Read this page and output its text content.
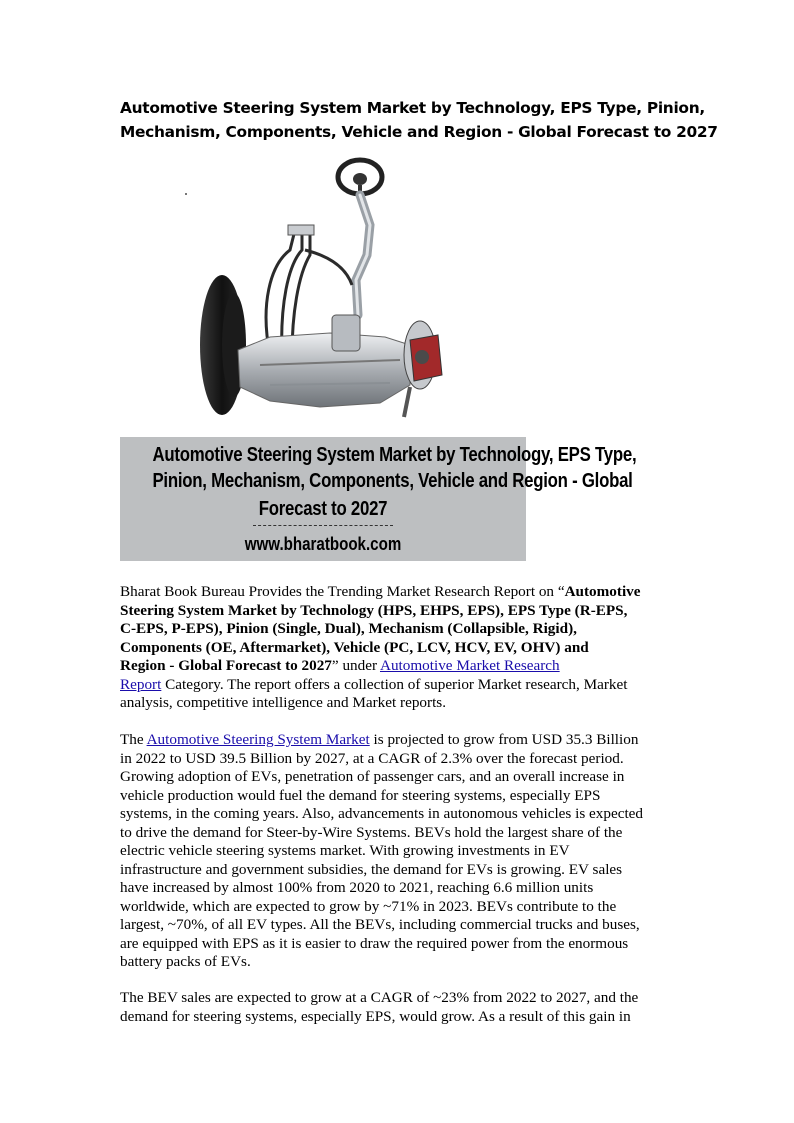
Automotive Steering System Market by Technology, EPS Type, Pinion,
Mechanism, Components, Vehicle and Region - Global Forecast to 2027
Automotive Steering System Market by Technology, EPS Type,
Pinion, Mechanism, Components, Vehicle and Region - Global
Forecast to 2027
www.bharatbook.com
Bharat Book Bureau Provides the Trending Market Research Report on “Automotive
Steering System Market by Technology (HPS, EHPS, EPS), EPS Type (R-EPS,
C-EPS, P-EPS), Pinion (Single, Dual), Mechanism (Collapsible, Rigid),
Components (OE, Aftermarket), Vehicle (PC, LCV, HCV, EV, OHV) and
Region - Global Forecast to 2027” under Automotive Market Research
Report Category. The report offers a collection of superior Market research, Market
analysis, competitive intelligence and Market reports.
The Automotive Steering System Market is projected to grow from USD 35.3 Billion
in 2022 to USD 39.5 Billion by 2027, at a CAGR of 2.3% over the forecast period.
Growing adoption of EVs, penetration of passenger cars, and an overall increase in
vehicle production would fuel the demand for steering systems, especially EPS
systems, in the coming years. Also, advancements in autonomous vehicles is expected
to drive the demand for Steer-by-Wire Systems. BEVs hold the largest share of the
electric vehicle steering systems market. With growing investments in EV
infrastructure and government subsidies, the demand for EVs is growing. EV sales
have increased by almost 100% from 2020 to 2021, reaching 6.6 million units
worldwide, which are expected to grow by ~71% in 2023. BEVs contribute to the
largest, ~70%, of all EV types. All the BEVs, including commercial trucks and buses,
are equipped with EPS as it is easier to draw the required power from the enormous
battery packs of EVs.
The BEV sales are expected to grow at a CAGR of ~23% from 2022 to 2027, and the
demand for steering systems, especially EPS, would grow. As a result of this gain in
